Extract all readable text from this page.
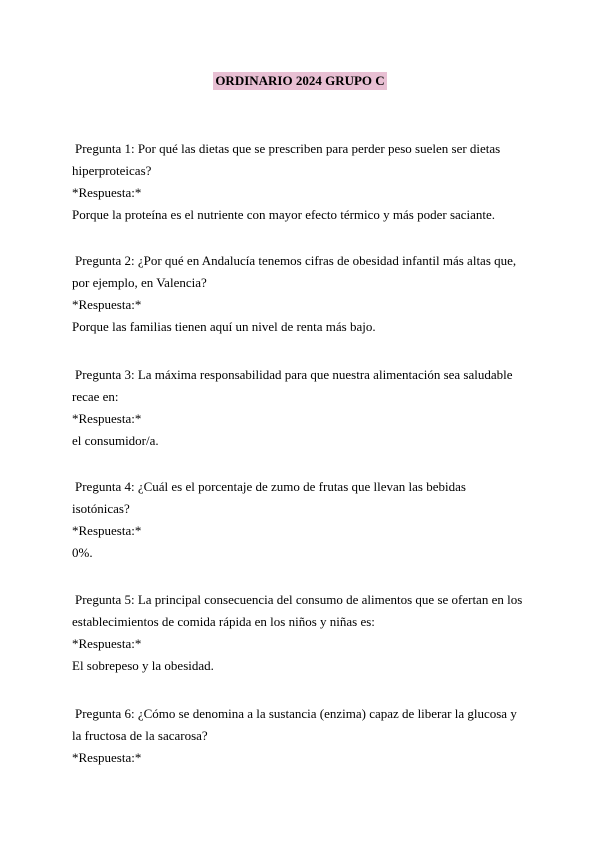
ORDINARIO 2024 GRUPO C
Pregunta 1: Por qué las dietas que se prescriben para perder peso suelen ser dietas
hiperproteicas?
*Respuesta:*
Porque la proteína es el nutriente con mayor efecto térmico y más poder saciante.
Pregunta 2: ¿Por qué en Andalucía tenemos cifras de obesidad infantil más altas que,
por ejemplo, en Valencia?
*Respuesta:*
Porque las familias tienen aquí un nivel de renta más bajo.
Pregunta 3: La máxima responsabilidad para que nuestra alimentación sea saludable
recae en:
*Respuesta:*
el consumidor/a.
Pregunta 4: ¿Cuál es el porcentaje de zumo de frutas que llevan las bebidas
isotónicas?
*Respuesta:*
0%.
Pregunta 5: La principal consecuencia del consumo de alimentos que se ofertan en los
establecimientos de comida rápida en los niños y niñas es:
*Respuesta:*
El sobrepeso y la obesidad.
Pregunta 6: ¿Cómo se denomina a la sustancia (enzima) capaz de liberar la glucosa y
la fructosa de la sacarosa?
*Respuesta:*
